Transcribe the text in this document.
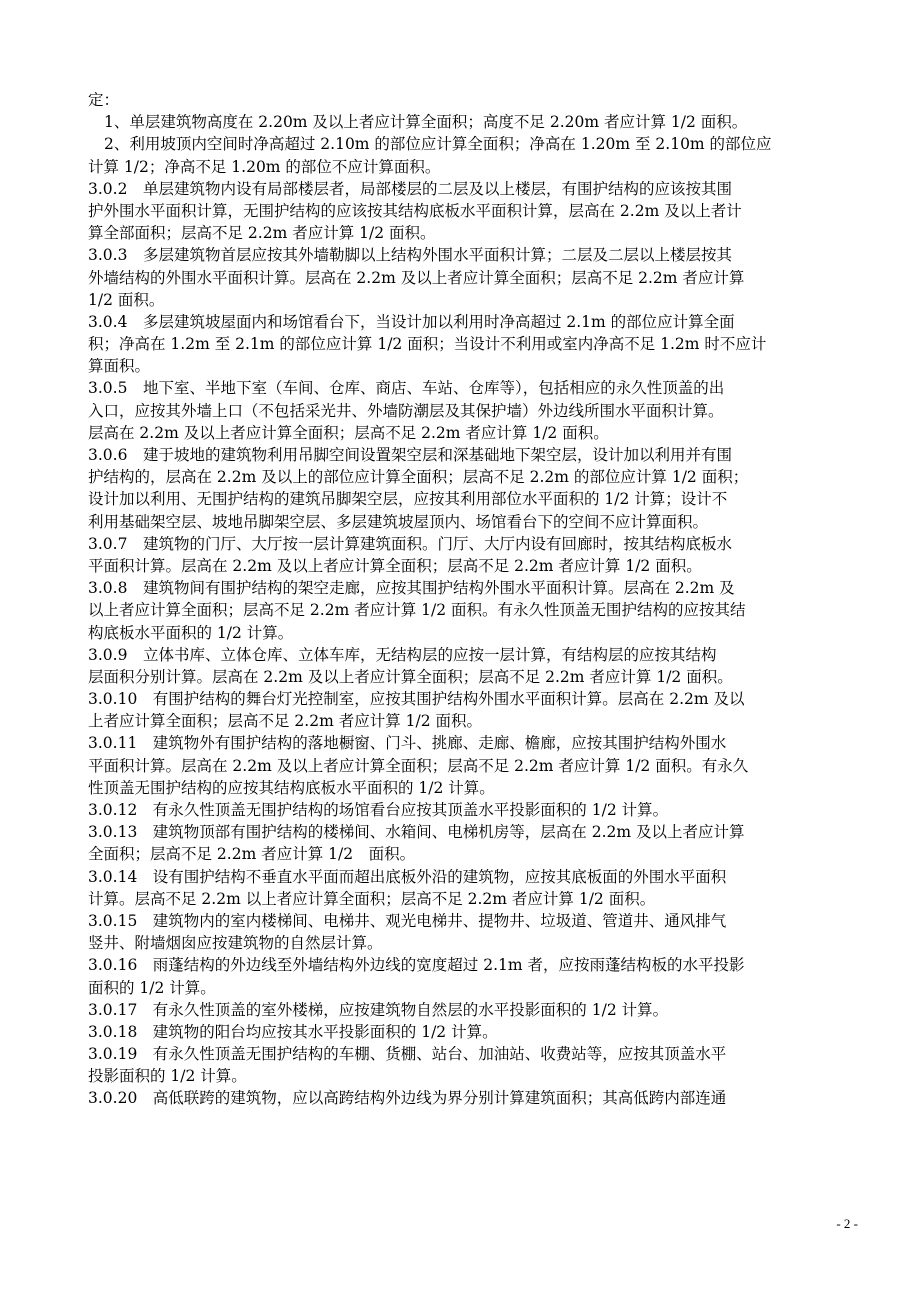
定：
1、单层建筑物高度在 2.20m 及以上者应计算全面积；高度不足 2.20m 者应计算 1/2 面积。
2、利用坡顶内空间时净高超过 2.10m 的部位应计算全面积；净高在 1.20m 至 2.10m 的部位应
计算 1/2；净高不足 1.20m 的部位不应计算面积。
3.0.2　单层建筑物内设有局部楼层者，局部楼层的二层及以上楼层，有围护结构的应该按其围
护外围水平面积计算，无围护结构的应该按其结构底板水平面积计算，层高在 2.2m 及以上者计
算全部面积；层高不足 2.2m 者应计算 1/2 面积。
3.0.3　多层建筑物首层应按其外墙勒脚以上结构外围水平面积计算；二层及二层以上楼层按其
外墙结构的外围水平面积计算。层高在 2.2m 及以上者应计算全面积；层高不足 2.2m 者应计算
1/2 面积。
3.0.4　多层建筑坡屋面内和场馆看台下，当设计加以利用时净高超过 2.1m 的部位应计算全面
积；净高在 1.2m 至 2.1m 的部位应计算 1/2 面积；当设计不利用或室内净高不足 1.2m 时不应计
算面积。
3.0.5　地下室、半地下室（车间、仓库、商店、车站、仓库等），包括相应的永久性顶盖的出
入口，应按其外墙上口（不包括采光井、外墙防潮层及其保护墙）外边线所围水平面积计算。
层高在 2.2m 及以上者应计算全面积；层高不足 2.2m 者应计算 1/2 面积。
3.0.6　建于坡地的建筑物利用吊脚空间设置架空层和深基础地下架空层，设计加以利用并有围
护结构的，层高在 2.2m 及以上的部位应计算全面积；层高不足 2.2m 的部位应计算 1/2 面积；
设计加以利用、无围护结构的建筑吊脚架空层，应按其利用部位水平面积的 1/2 计算；设计不
利用基础架空层、坡地吊脚架空层、多层建筑坡屋顶内、场馆看台下的空间不应计算面积。
3.0.7　建筑物的门厅、大厅按一层计算建筑面积。门厅、大厅内设有回廊时，按其结构底板水
平面积计算。层高在 2.2m 及以上者应计算全面积；层高不足 2.2m 者应计算 1/2 面积。
3.0.8　建筑物间有围护结构的架空走廊，应按其围护结构外围水平面积计算。层高在 2.2m 及
以上者应计算全面积；层高不足 2.2m 者应计算 1/2 面积。有永久性顶盖无围护结构的应按其结
构底板水平面积的 1/2 计算。
3.0.9　立体书库、立体仓库、立体车库，无结构层的应按一层计算，有结构层的应按其结构
层面积分别计算。层高在 2.2m 及以上者应计算全面积；层高不足 2.2m 者应计算 1/2 面积。
3.0.10　有围护结构的舞台灯光控制室，应按其围护结构外围水平面积计算。层高在 2.2m 及以
上者应计算全面积；层高不足 2.2m 者应计算 1/2 面积。
3.0.11　建筑物外有围护结构的落地橱窗、门斗、挑廊、走廊、檐廊，应按其围护结构外围水
平面积计算。层高在 2.2m 及以上者应计算全面积；层高不足 2.2m 者应计算 1/2 面积。有永久
性顶盖无围护结构的应按其结构底板水平面积的 1/2 计算。
3.0.12　有永久性顶盖无围护结构的场馆看台应按其顶盖水平投影面积的 1/2 计算。
3.0.13　建筑物顶部有围护结构的楼梯间、水箱间、电梯机房等，层高在 2.2m 及以上者应计算
全面积；层高不足 2.2m 者应计算 1/2　面积。
3.0.14　设有围护结构不垂直水平面而超出底板外沿的建筑物，应按其底板面的外围水平面积
计算。层高不足 2.2m 以上者应计算全面积；层高不足 2.2m 者应计算 1/2 面积。
3.0.15　建筑物内的室内楼梯间、电梯井、观光电梯井、提物井、垃圾道、管道井、通风排气
竖井、附墙烟囱应按建筑物的自然层计算。
3.0.16　雨蓬结构的外边线至外墙结构外边线的宽度超过 2.1m 者，应按雨蓬结构板的水平投影
面积的 1/2 计算。
3.0.17　有永久性顶盖的室外楼梯，应按建筑物自然层的水平投影面积的 1/2 计算。
3.0.18　建筑物的阳台均应按其水平投影面积的 1/2 计算。
3.0.19　有永久性顶盖无围护结构的车棚、货棚、站台、加油站、收费站等，应按其顶盖水平
投影面积的 1/2 计算。
3.0.20　高低联跨的建筑物，应以高跨结构外边线为界分别计算建筑面积；其高低跨内部连通
- 2 -
